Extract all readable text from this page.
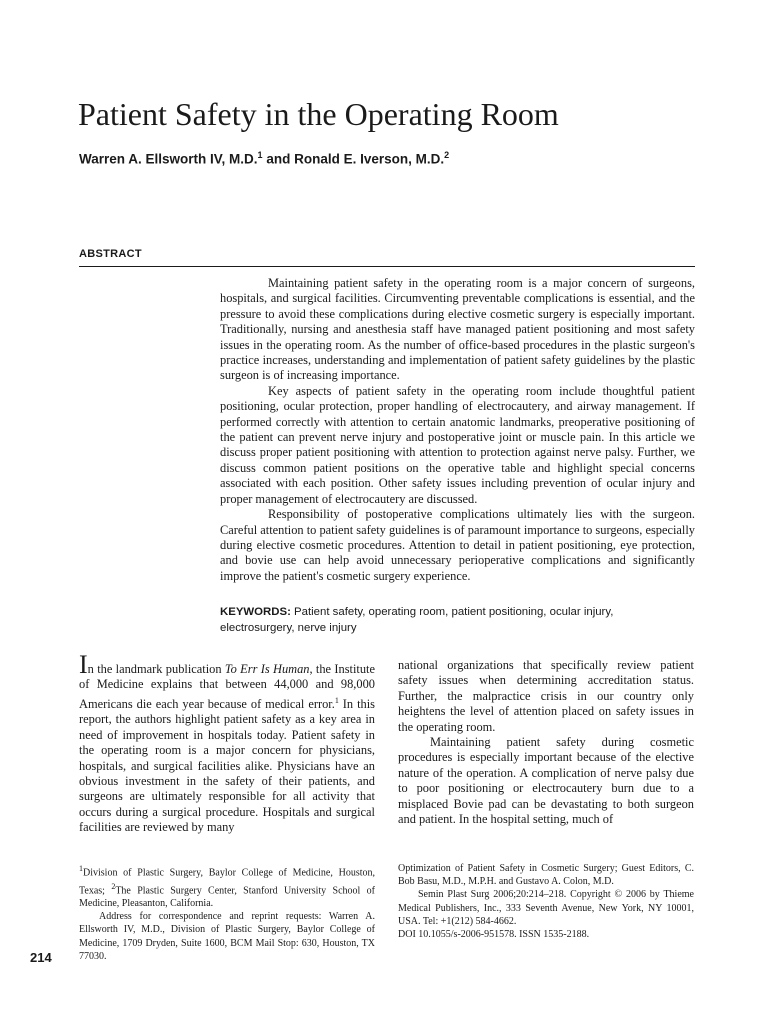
Patient Safety in the Operating Room
Warren A. Ellsworth IV, M.D.$^1$ and Ronald E. Iverson, M.D.$^2$
ABSTRACT

Maintaining patient safety in the operating room is a major concern of surgeons, hospitals, and surgical facilities. Circumventing preventable complications is essential, and the pressure to avoid these complications during elective cosmetic surgery is especially important. Traditionally, nursing and anesthesia staff have managed patient positioning and most safety issues in the operating room. As the number of office-based procedures in the plastic surgeon's practice increases, understanding and implementation of patient safety guidelines by the plastic surgeon is of increasing importance.

Key aspects of patient safety in the operating room include thoughtful patient positioning, ocular protection, proper handling of electrocautery, and airway management. If performed correctly with attention to certain anatomic landmarks, preoperative positioning of the patient can prevent nerve injury and postoperative joint or muscle pain. In this article we discuss proper patient positioning with attention to protection against nerve palsy. Further, we discuss common patient positions on the operative table and highlight special concerns associated with each position. Other safety issues including prevention of ocular injury and proper management of electrocautery are discussed.

Responsibility of postoperative complications ultimately lies with the surgeon. Careful attention to patient safety guidelines is of paramount importance to surgeons, especially during elective cosmetic procedures. Attention to detail in patient positioning, eye protection, and bovie use can help avoid unnecessary perioperative complications and significantly improve the patient's cosmetic surgery experience.

KEYWORDS: Patient safety, operating room, patient positioning, ocular injury, electrosurgery, nerve injury

In the landmark publication To Err Is Human, the Institute of Medicine explains that between 44,000 and 98,000 Americans die each year because of medical error.$^1$ In this report, the authors highlight patient safety as a key area in need of improvement in hospitals today. Patient safety in the operating room is a major concern for physicians, hospitals, and surgical facilities alike. Physicians have an obvious investment in the safety of their patients, and surgeons are ultimately responsible for all activity that occurs during a surgical procedure. Hospitals and surgical facilities are reviewed by many

national organizations that specifically review patient safety issues when determining accreditation status. Further, the malpractice crisis in our country only heightens the level of attention placed on safety issues in the operating room.

Maintaining patient safety during cosmetic procedures is especially important because of the elective nature of the operation. A complication of nerve palsy due to poor positioning or electrocautery burn due to a misplaced Bovie pad can be devastating to both surgeon and patient. In the hospital setting, much of

$^1$Division of Plastic Surgery, Baylor College of Medicine, Houston, Texas; $^2$The Plastic Surgery Center, Stanford University School of Medicine, Pleasanton, California.

Address for correspondence and reprint requests: Warren A. Ellsworth IV, M.D., Division of Plastic Surgery, Baylor College of Medicine, 1709 Dryden, Suite 1600, BCM Mail Stop: 630, Houston, TX 77030.

Optimization of Patient Safety in Cosmetic Surgery; Guest Editors, C. Bob Basu, M.D., M.P.H. and Gustavo A. Colon, M.D.

Semin Plast Surg 2006;20:214–218. Copyright © 2006 by Thieme Medical Publishers, Inc., 333 Seventh Avenue, New York, NY 10001, USA. Tel: +1(212) 584-4662.

DOI 10.1055/s-2006-951578. ISSN 1535-2188.

214
